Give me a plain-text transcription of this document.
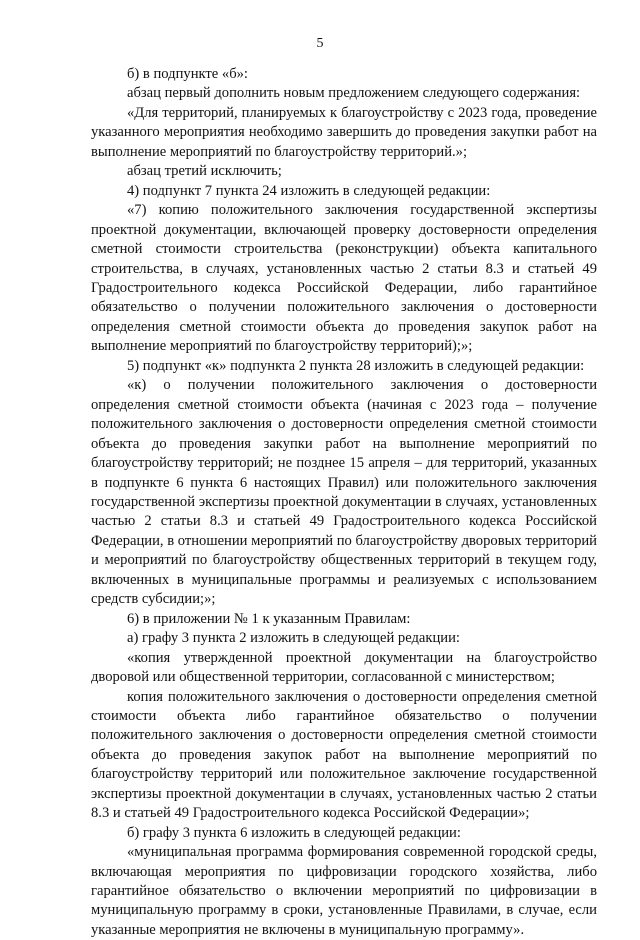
5

б) в подпункте «б»:

абзац первый дополнить новым предложением следующего содержания:

«Для территорий, планируемых к благоустройству с 2023 года, проведение указанного мероприятия необходимо завершить до проведения закупки работ на выполнение мероприятий по благоустройству территорий.»;

абзац третий исключить;

4) подпункт 7 пункта 24 изложить в следующей редакции:

«7) копию положительного заключения государственной экспертизы проектной документации, включающей проверку достоверности определения сметной стоимости строительства (реконструкции) объекта капитального строительства, в случаях, установленных частью 2 статьи 8.3 и статьей 49 Градостроительного кодекса Российской Федерации, либо гарантийное обязательство о получении положительного заключения о достоверности определения сметной стоимости объекта до проведения закупок работ на выполнение мероприятий по благоустройству территорий);»;

5) подпункт «к» подпункта 2 пункта 28 изложить в следующей редакции:

«к) о получении положительного заключения о достоверности определения сметной стоимости объекта (начиная с 2023 года – получение положительного заключения о достоверности определения сметной стоимости объекта до проведения закупки работ на выполнение мероприятий по благоустройству территорий; не позднее 15 апреля – для территорий, указанных в подпункте 6 пункта 6 настоящих Правил) или положительного заключения государственной экспертизы проектной документации в случаях, установленных частью 2 статьи 8.3 и статьей 49 Градостроительного кодекса Российской Федерации, в отношении мероприятий по благоустройству дворовых территорий и мероприятий по благоустройству общественных территорий в текущем году, включенных в муниципальные программы и реализуемых с использованием средств субсидии;»;

6) в приложении № 1 к указанным Правилам:

а) графу 3 пункта 2 изложить в следующей редакции:

«копия утвержденной проектной документации на благоустройство дворовой или общественной территории, согласованной с министерством;

копия положительного заключения о достоверности определения сметной стоимости объекта либо гарантийное обязательство о получении положительного заключения о достоверности определения сметной стоимости объекта до проведения закупок работ на выполнение мероприятий по благоустройству территорий или положительное заключение государственной экспертизы проектной документации в случаях, установленных частью 2 статьи 8.3 и статьей 49 Градостроительного кодекса Российской Федерации»;

б) графу 3 пункта 6 изложить в следующей редакции:

«муниципальная программа формирования современной городской среды, включающая мероприятия по цифровизации городского хозяйства, либо гарантийное обязательство о включении мероприятий по цифровизации в муниципальную программу в сроки, установленные Правилами, в случае, если указанные мероприятия не включены в муниципальную программу».
